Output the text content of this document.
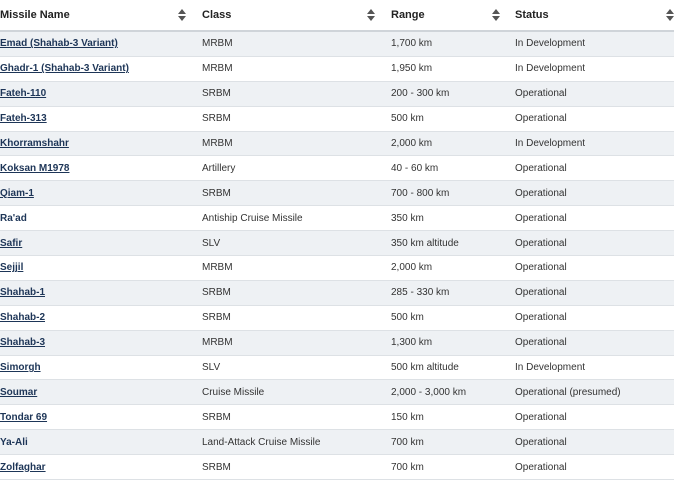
Missile Name	Class	Range	Status
Emad (Shahab-3 Variant)	MRBM	1,700 km	In Development
Ghadr-1 (Shahab-3 Variant)	MRBM	1,950 km	In Development
Fateh-110	SRBM	200 - 300 km	Operational
Fateh-313	SRBM	500 km	Operational
Khorramshahr	MRBM	2,000 km	In Development
Koksan M1978	Artillery	40 - 60 km	Operational
Qiam-1	SRBM	700 - 800 km	Operational
Ra'ad	Antiship Cruise Missile	350 km	Operational
Safir	SLV	350 km altitude	Operational
Sejjil	MRBM	2,000 km	Operational
Shahab-1	SRBM	285 - 330 km	Operational
Shahab-2	SRBM	500 km	Operational
Shahab-3	MRBM	1,300 km	Operational
Simorgh	SLV	500 km altitude	In Development
Soumar	Cruise Missile	2,000 - 3,000 km	Operational (presumed)
Tondar 69	SRBM	150 km	Operational
Ya-Ali	Land-Attack Cruise Missile	700 km	Operational
Zolfaghar	SRBM	700 km	Operational
